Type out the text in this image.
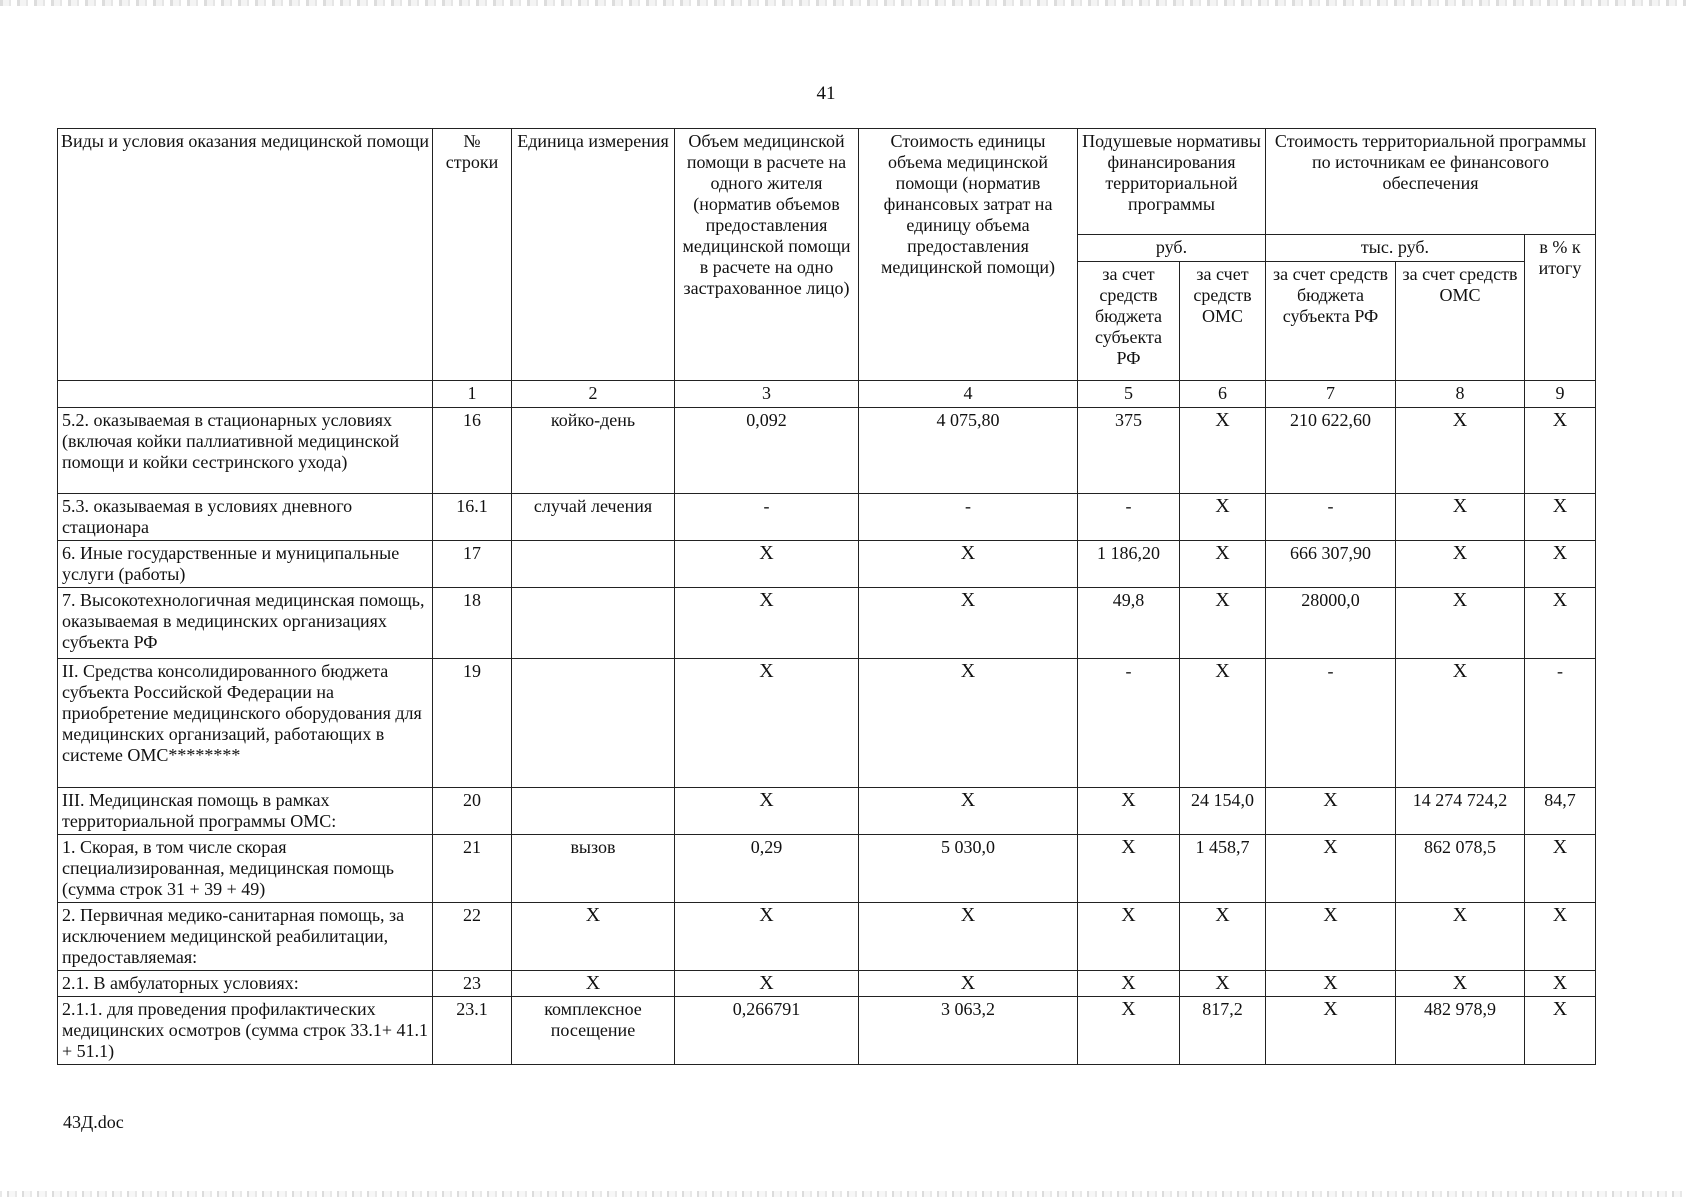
41
Виды и условия оказания медицинской помощи	№ строки	Единица измерения	Объем медицинской помощи в расчете на одного жителя (норматив объемов предоставления медицинской помощи в расчете на одно застрахованное лицо)	Стоимость единицы объема медицинской помощи (норматив финансовых затрат на единицу объема предоставления медицинской помощи)	Подушевые нормативы финансирования территориальной программы		Стоимость территориальной программы по источникам ее финансового обеспечения		
					руб.		тыс. руб.		в % к итогу
					за счет средств бюджета субъекта РФ	за счет средств ОМС	за счет средств бюджета субъекта РФ	за счет средств ОМС	
	1	2	3	4	5	6	7	8	9
5.2. оказываемая в стационарных условиях (включая койки паллиативной медицинской помощи и койки сестринского ухода)	16	койко-день	0,092	4 075,80	375	X	210 622,60	X	X
5.3. оказываемая в условиях дневного стационара	16.1	случай лечения	-	-	-	X	-	X	X
6. Иные государственные и муниципальные услуги (работы)	17		X	X	1 186,20	X	666 307,90	X	X
7. Высокотехнологичная медицинская помощь, оказываемая в медицинских организациях субъекта РФ	18		X	X	49,8	X	28000,0	X	X
II. Средства консолидированного бюджета субъекта Российской Федерации на приобретение медицинского оборудования для медицинских организаций, работающих в системе ОМС********	19		X	X	-	X	-	X	-
III. Медицинская помощь в рамках территориальной программы ОМС:	20		X	X	X	24 154,0	X	14 274 724,2	84,7
1. Скорая, в том числе скорая специализированная, медицинская помощь (сумма строк 31 + 39 + 49)	21	вызов	0,29	5 030,0	X	1 458,7	X	862 078,5	X
2. Первичная медико-санитарная помощь, за исключением медицинской реабилитации, предоставляемая:	22	X	X	X	X	X	X	X	X
2.1. В амбулаторных условиях:	23	X	X	X	X	X	X	X	X
2.1.1. для проведения профилактических медицинских осмотров (сумма строк 33.1+ 41.1 + 51.1)	23.1	комплексное посещение	0,266791	3 063,2	X	817,2	X	482 978,9	X
43Д.doc
